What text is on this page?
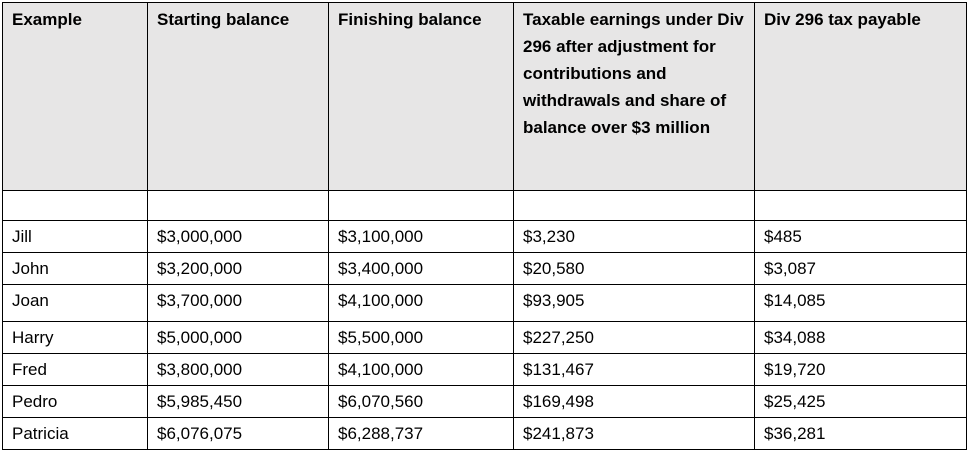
Example	Starting balance	Finishing balance	Taxable earnings under Div 296 after adjustment for contributions and withdrawals and share of balance over $3 million	Div 296 tax payable

Jill	$3,000,000	$3,100,000	$3,230	$485
John	$3,200,000	$3,400,000	$20,580	$3,087
Joan	$3,700,000	$4,100,000	$93,905	$14,085
Harry	$5,000,000	$5,500,000	$227,250	$34,088
Fred	$3,800,000	$4,100,000	$131,467	$19,720
Pedro	$5,985,450	$6,070,560	$169,498	$25,425
Patricia	$6,076,075	$6,288,737	$241,873	$36,281
